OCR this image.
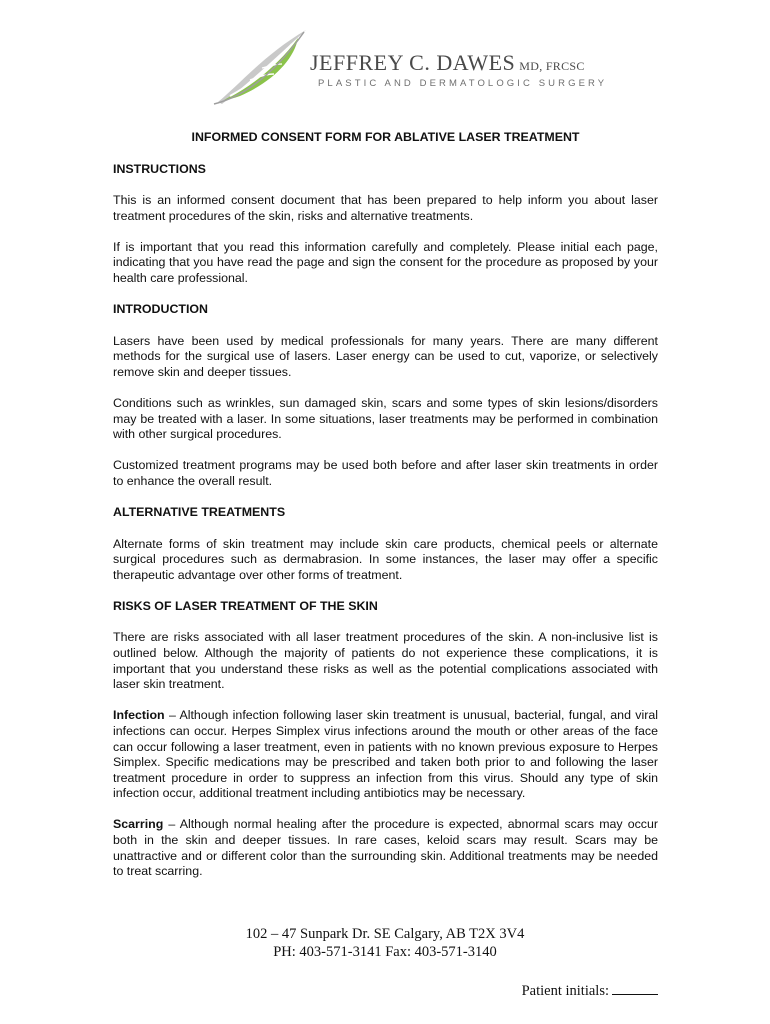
JEFFREY C. DAWES MD, FRCSC
PLASTIC AND DERMATOLOGIC SURGERY
INFORMED CONSENT FORM FOR ABLATIVE LASER TREATMENT
INSTRUCTIONS

This is an informed consent document that has been prepared to help inform you about laser treatment procedures of the skin, risks and alternative treatments.

If is important that you read this information carefully and completely. Please initial each page, indicating that you have read the page and sign the consent for the procedure as proposed by your health care professional.

INTRODUCTION

Lasers have been used by medical professionals for many years. There are many different methods for the surgical use of lasers. Laser energy can be used to cut, vaporize, or selectively remove skin and deeper tissues.

Conditions such as wrinkles, sun damaged skin, scars and some types of skin lesions/disorders may be treated with a laser. In some situations, laser treatments may be performed in combination with other surgical procedures.

Customized treatment programs may be used both before and after laser skin treatments in order to enhance the overall result.

ALTERNATIVE TREATMENTS

Alternate forms of skin treatment may include skin care products, chemical peels or alternate surgical procedures such as dermabrasion. In some instances, the laser may offer a specific therapeutic advantage over other forms of treatment.

RISKS OF LASER TREATMENT OF THE SKIN

There are risks associated with all laser treatment procedures of the skin. A non-inclusive list is outlined below. Although the majority of patients do not experience these complications, it is important that you understand these risks as well as the potential complications associated with laser skin treatment.

Infection – Although infection following laser skin treatment is unusual, bacterial, fungal, and viral infections can occur. Herpes Simplex virus infections around the mouth or other areas of the face can occur following a laser treatment, even in patients with no known previous exposure to Herpes Simplex. Specific medications may be prescribed and taken both prior to and following the laser treatment procedure in order to suppress an infection from this virus. Should any type of skin infection occur, additional treatment including antibiotics may be necessary.

Scarring – Although normal healing after the procedure is expected, abnormal scars may occur both in the skin and deeper tissues. In rare cases, keloid scars may result. Scars may be unattractive and or different color than the surrounding skin. Additional treatments may be needed to treat scarring.

102 – 47 Sunpark Dr. SE Calgary, AB T2X 3V4
PH: 403-571-3141 Fax: 403-571-3140
Patient initials:
